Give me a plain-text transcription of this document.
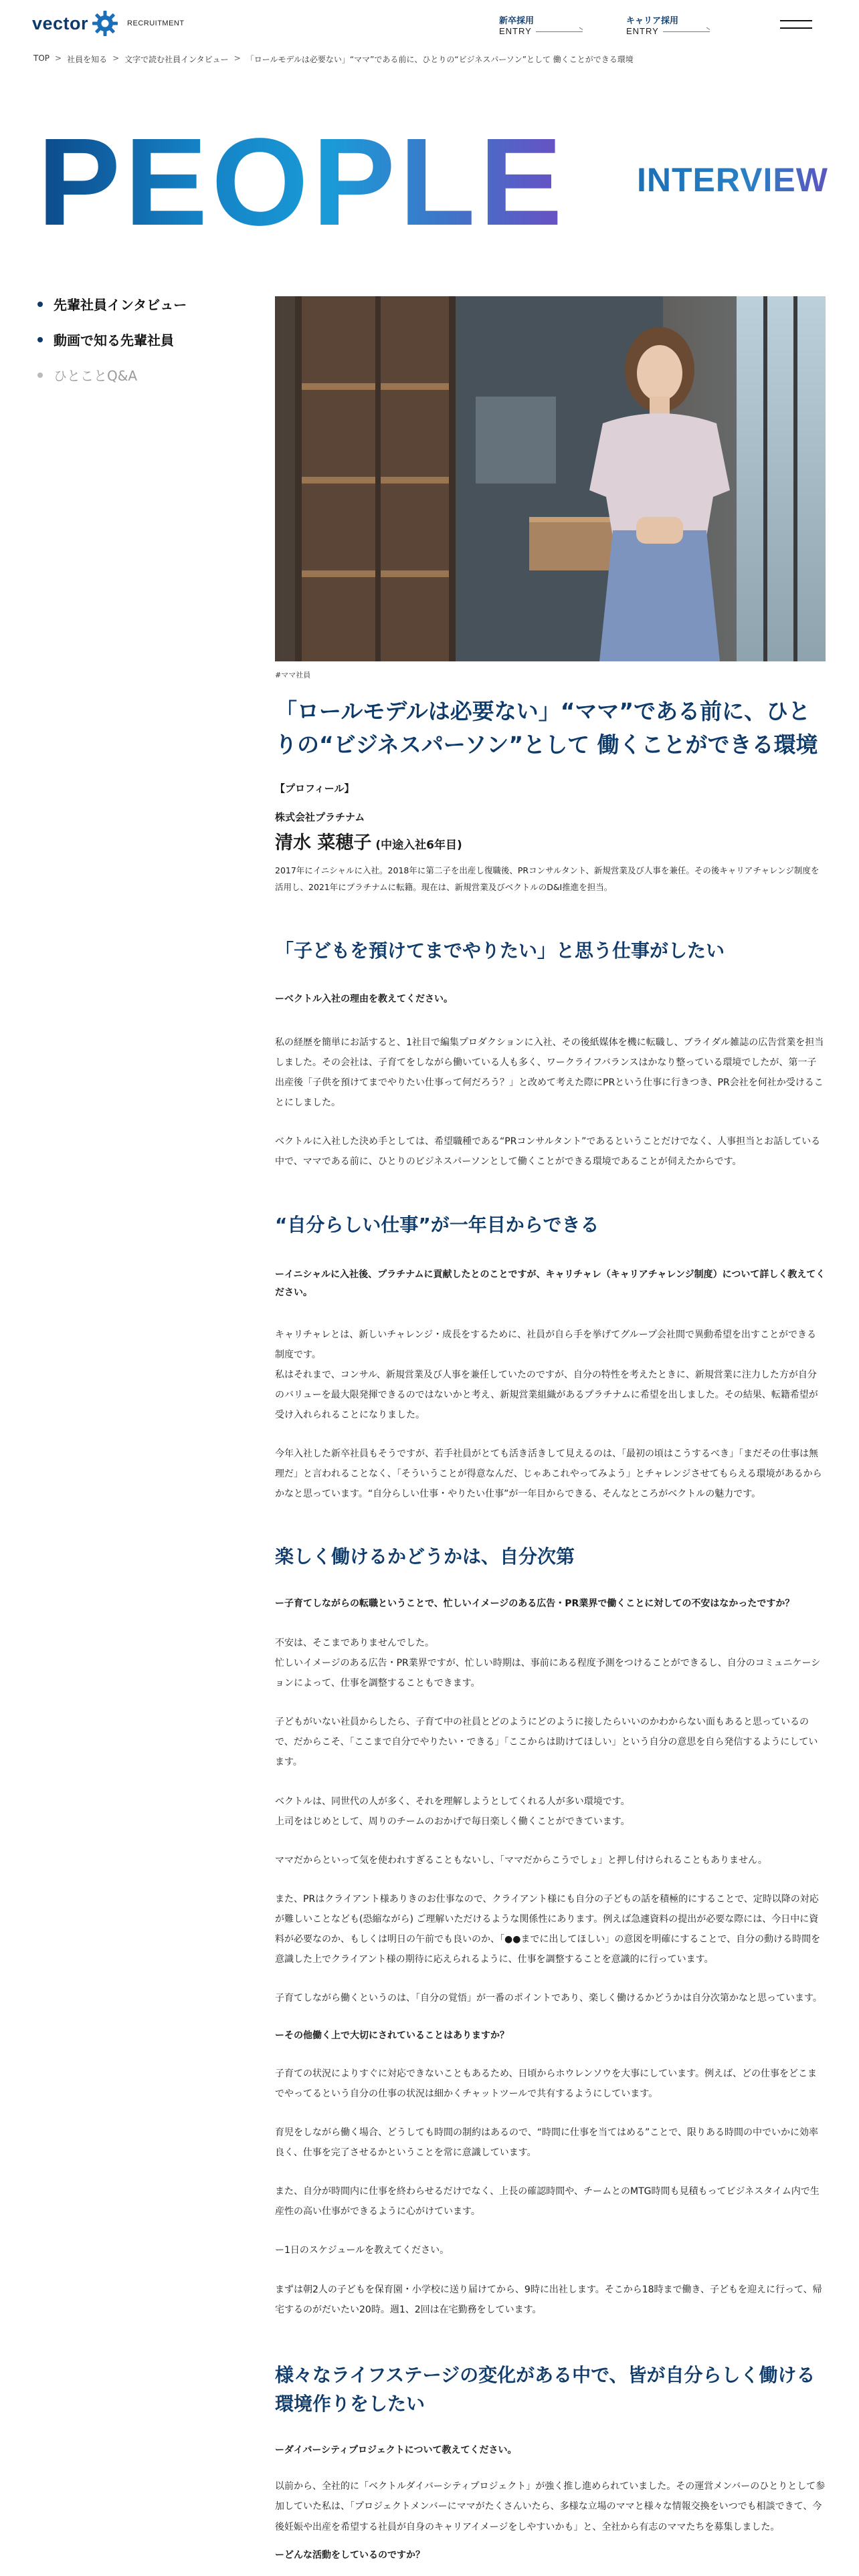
vector	RECRUITMENT	新卒採用
ENTRY
キャリア採用
ENTRY
TOP > 社員を知る > 文字で読む社員インタビュー > 「ロールモデルは必要ない」“ママ”である前に、ひとりの“ビジネスパーソン”として 働くことができる環境
PEOPLE INTERVIEW
先輩社員インタビュー
動画で知る先輩社員
ひとことQ&A
#ママ社員
「ロールモデルは必要ない」“ママ”である前に、ひとりの“ビジネスパーソン”として 働くことができる環境
【プロフィール】
株式会社プラチナム
清水 菜穂子 (中途入社6年目)

2017年にイニシャルに入社。2018年に第二子を出産し復職後、PRコンサルタント、新規営業及び人事を兼任。その後キャリアチャレンジ制度を活用し、2021年にプラチナムに転籍。現在は、新規営業及びベクトルのD&I推進を担当。

「子どもを預けてまでやりたい」と思う仕事がしたい

ーベクトル入社の理由を教えてください。

私の経歴を簡単にお話すると、1社目で編集プロダクションに入社、その後紙媒体を機に転職し、ブライダル雑誌の広告営業を担当しました。その会社は、子育てをしながら働いている人も多く、ワークライフバランスはかなり整っている環境でしたが、第一子出産後「子供を預けてまでやりたい仕事って何だろう？」と改めて考えた際にPRという仕事に行きつき、PR会社を何社か受けることにしました。

ベクトルに入社した決め手としては、希望職種である“PRコンサルタント”であるということだけでなく、人事担当とお話している中で、ママである前に、ひとりのビジネスパーソンとして働くことができる環境であることが伺えたからです。

“自分らしい仕事”が一年目からできる

ーイニシャルに入社後、プラチナムに貢献したとのことですが、キャリチャレ（キャリアチャレンジ制度）について詳しく教えてください。

キャリチャレとは、新しいチャレンジ・成長をするために、社員が自ら手を挙げてグループ会社間で異動希望を出すことができる制度です。

私はそれまで、コンサル、新規営業及び人事を兼任していたのですが、自分の特性を考えたときに、新規営業に注力した方が自分のバリューを最大限発揮できるのではないかと考え、新規営業組織があるプラチナムに希望を出しました。その結果、転籍希望が受け入れられることになりました。

今年入社した新卒社員もそうですが、若手社員がとても活き活きして見えるのは、「最初の頃はこうするべき」「まだその仕事は無理だ」と言われることなく、「そういうことが得意なんだ、じゃあこれやってみよう」とチャレンジさせてもらえる環境があるからかなと思っています。“自分らしい仕事・やりたい仕事”が一年目からできる、そんなところがベクトルの魅力です。

楽しく働けるかどうかは、自分次第

ー子育てしながらの転職ということで、忙しいイメージのある広告・PR業界で働くことに対しての不安はなかったですか？

不安は、そこまでありませんでした。

忙しいイメージのある広告・PR業界ですが、忙しい時期は、事前にある程度予測をつけることができるし、自分のコミュニケーションによって、仕事を調整することもできます。

子どもがいない社員からしたら、子育て中の社員とどのようにどのように接したらいいのかわからない面もあると思っているので、だからこそ、「ここまで自分でやりたい・できる」「ここからは助けてほしい」という自分の意思を自ら発信するようにしています。

ベクトルは、同世代の人が多く、それを理解しようとしてくれる人が多い環境です。

上司をはじめとして、周りのチームのおかげで毎日楽しく働くことができています。

ママだからといって気を使われすぎることもないし、「ママだからこうでしょ」と押し付けられることもありません。

また、PRはクライアント様ありきのお仕事なので、クライアント様にも自分の子どもの話を積極的にすることで、定時以降の対応が難しいことなども(恐縮ながら) ご理解いただけるような関係性にあります。例えば急遽資料の提出が必要な際には、今日中に資料が必要なのか、もしくは明日の午前でも良いのか、「●●までに出してほしい」の意図を明確にすることで、自分の動ける時間を意識した上でクライアント様の期待に応えられるように、仕事を調整することを意識的に行っています。

子育てしながら働くというのは、「自分の覚悟」が一番のポイントであり、楽しく働けるかどうかは自分次第かなと思っています。

ーその他働く上で大切にされていることはありますか？

子育ての状況によりすぐに対応できないこともあるため、日頃からホウレンソウを大事にしています。例えば、どの仕事をどこまでやってるという自分の仕事の状況は細かくチャットツールで共有するようにしています。

育児をしながら働く場合、どうしても時間の制約はあるので、“時間に仕事を当てはめる”ことで、限りある時間の中でいかに効率良く、仕事を完了させるかということを常に意識しています。

また、自分が時間内に仕事を終わらせるだけでなく、上長の確認時間や、チームとのMTG時間も見積もってビジネスタイム内で生産性の高い仕事ができるように心がけています。

ー1日のスケジュールを教えてください。

まずは朝2人の子どもを保育園・小学校に送り届けてから、9時に出社します。そこから18時まで働き、子どもを迎えに行って、帰宅するのがだいたい20時。週1、2回は在宅勤務をしています。

様々なライフステージの変化がある中で、皆が自分らしく働ける環境作りをしたい

ーダイバーシティプロジェクトについて教えてください。

以前から、全社的に「ベクトルダイバーシティプロジェクト」が強く推し進められていました。その運営メンバーのひとりとして参加していた私は、「プロジェクトメンバーにママがたくさんいたら、多様な立場のママと様々な情報交換をいつでも相談できて、今後妊娠や出産を希望する社員が自身のキャリアイメージをしやすいかも」と、全社から有志のママたちを募集しました。

ーどんな活動をしているのですか？
